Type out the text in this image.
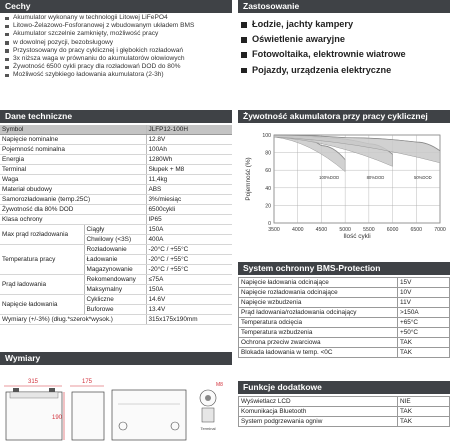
Cechy
Akumulator wykonany w technologii Litowej LiFePO4
Litowo-Żelazowo-Fosforanowej z wbudowanym układem BMS
Akumulator szczelnie zamknięty, możliwość pracy
w dowolnej pozycji, bezobsługowy
Przystosowany do pracy cyklicznej i głębokich rozładowań
3x niższa waga w prównaniu do akumulatorów ołowiowych
Żywotność 6500 cykli pracy dla rozładowań DOD do 80%
Możliwość szybkiego ładowania akumulatora (2-3h)
Zastosowanie
Łodzie, jachty kampery
Oświetlenie awaryjne
Fotowoltaika, elektrownie wiatrowe
Pojazdy, urządzenia elektryczne
Dane techniczne
Symbol		JLFP12-100H
Napięcie nominalne		12.8V
Pojemność nominalna		100Ah
Energia		1280Wh
Terminal		Słupek + M8
Waga		11,4kg
Materiał obudowy		ABS
Samorozładowanie (temp.25C)		3%/miesiąc
Żywotność dla 80% DOD		6500cykli
Klasa ochrony		IP65
Max prąd rozładowania	Ciągły	150A
	Chwilowy (<3S)	400A
Temperatura pracy	Rozładowanie	-20°C / +55°C
	Ładowanie	-20°C / +55°C
	Magazynowanie	-20°C / +55°C
Prąd ładowania	Rekomendowany	≤75A
	Maksymalny	150A
Napięcie ładowania	Cykliczne	14.6V
	Buforowe	13.4V
Wymiary (+/-3%) (dług.*szerok*wysok.)		315x175x190mm
Wymiary
315	175
190
M8
Terminal
Żywotność akumulatora przy pracy cyklicznej
100
80
60
40
20
0
3500 4000 4500 5000 5500 6000 6500 7000
100%DOD	80%DOD	50%DOD
Pojemność (%)
Ilość cykli
System ochronny BMS-Protection
Napięcie ładowania odcinające	15V
Napięcie rozładowania odcinające	10V
Napięcie wzbudzenia	11V
Prąd ładowania/rozładowania odcinający	>150A
Temperatura odcięcia	+65°C
Temperatura wzbudzenia	+50°C
Ochrona przeciw zwarciowa	TAK
Blokada ładowania w temp. <0C	TAK
Funkcje dodatkowe
Wyświetlacz LCD	NIE
Komunikacja Bluetooth	TAK
System podgrzewania ogniw	TAK
